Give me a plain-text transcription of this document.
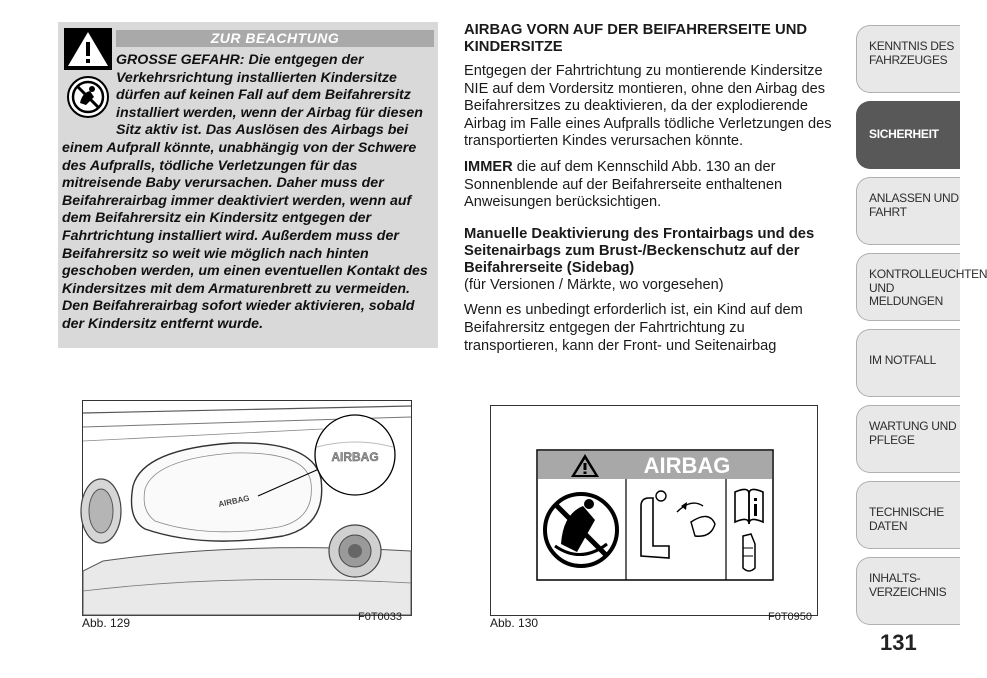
ZUR BEACHTUNG

GROSSE GEFAHR: Die entgegen der Verkehrsrichtung installierten Kindersitze dürfen auf keinen Fall auf dem Beifahrersitz installiert werden, wenn der Airbag für diesen Sitz aktiv ist. Das Auslösen des Airbags bei einem Aufprall könnte, unabhängig von der Schwere des Aufpralls, tödliche Verletzungen für das mitreisende Baby verursachen. Daher muss der Beifahrerairbag immer deaktiviert werden, wenn auf dem Beifahrersitz ein Kindersitz entgegen der Fahrtrichtung installiert wird. Außerdem muss der Beifahrersitz so weit wie möglich nach hinten geschoben werden, um einen eventuellen Kontakt des Kindersitzes mit dem Armaturenbrett zu vermeiden. Den Beifahrerairbag sofort wieder aktivieren, sobald der Kindersitz entfernt wurde.

AIRBAG VORN AUF DER BEIFAHRERSEITE UND KINDERSITZE

Entgegen der Fahrtrichtung zu montierende Kindersitze NIE auf dem Vordersitz montieren, ohne den Airbag des Beifahrersitzes zu deaktivieren, da der explodierende Airbag im Falle eines Aufpralls tödliche Verletzungen des transportierten Kindes verursachen könnte.

IMMER die auf dem Kennschild Abb. 130 an der Sonnenblende auf der Beifahrerseite enthaltenen Anweisungen berücksichtigen.

Manuelle Deaktivierung des Frontairbags und des Seitenairbags zum Brust-/Beckenschutz auf der Beifahrerseite (Sidebag)

(für Versionen / Märkte, wo vorgesehen)

Wenn es unbedingt erforderlich ist, ein Kind auf dem Beifahrersitz entgegen der Fahrtrichtung zu transportieren, kann der Front- und Seitenairbag

AIRBAG
AIRBAG
Abb. 129	F0T0033
AIRBAG
Abb. 130	F0T0950
KENNTNIS DES FAHRZEUGES
SICHERHEIT
ANLASSEN UND FAHRT
KONTROLLEUCHTEN UND MELDUNGEN
IM NOTFALL
WARTUNG UND PFLEGE
TECHNISCHE DATEN
INHALTS- VERZEICHNIS
131
